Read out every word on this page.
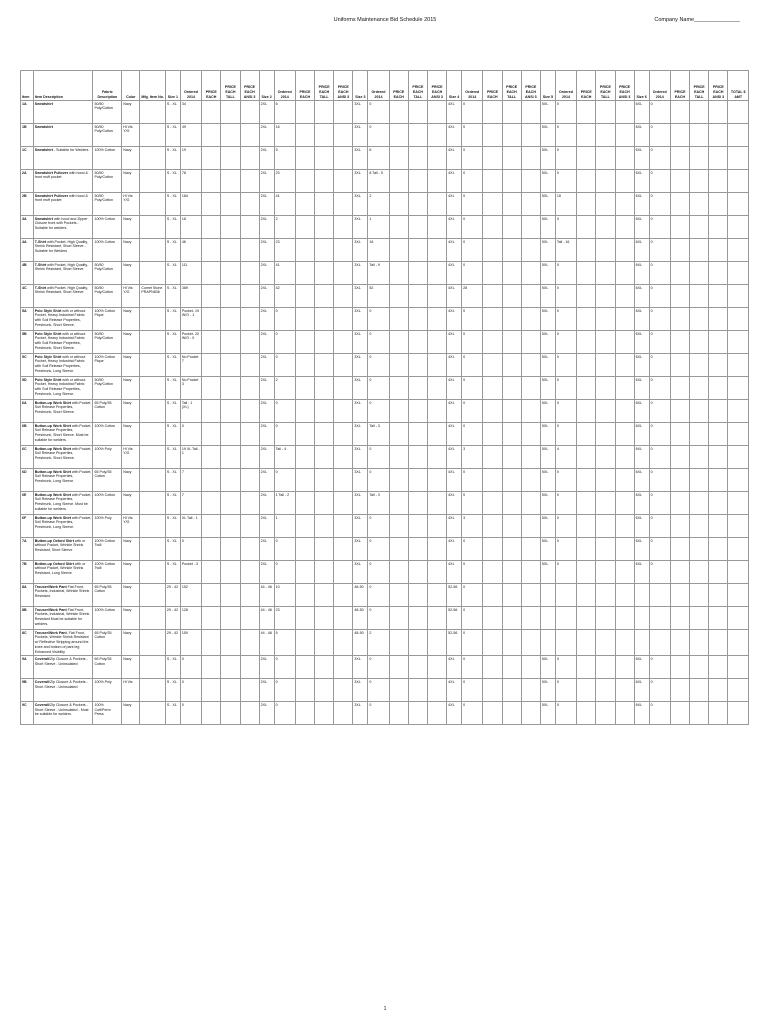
Uniforms Maintenance Bid Schedule 2015	Company Name_______________
Item	Item Description	Fabric Description	Color	Mfg. Item No.	Size 1	Ordered 2014	PRICE EACH	PRICE EACH TALL	PRICE EACH ANSI 3	Size 2	Ordered 2014	PRICE EACH	PRICE EACH TALL	PRICE EACH ANSI 3	Size 3	Ordered 2014	PRICE EACH	PRICE EACH TALL	PRICE EACH ANSI 3	Size 4	Ordered 2014	PRICE EACH	PRICE EACH TALL	PRICE EACH ANSI 3	Size 5	Ordered 2014	PRICE EACH	PRICE EACH TALL	PRICE EACH ANSI 3	Size 6	Ordered 2014	PRICE EACH	PRICE EACH TALL	PRICE EACH ANSI 3	TOTAL $ AMT
1A	Sweatshirt	50/50 Poly/Cotton	Navy		S - XL	34				2XL	6				3XL	0				4XL	0				5XL	0				6XL	0				
1B	Sweatshirt	50/50 Poly/Cotton	Hi Vis Y/G		S - XL	49				2XL	16				3XL	0				4XL	0				5XL	0				6XL	0				
1C	Sweatshirt - Suitable for Welders	100% Cotton	Navy		S - XL	19				2XL	5				3XL	6				4XL	0				5XL	0				6XL	0				
2A	Sweatshirt Pullover with hood & front muff pocket	50/50 Poly/Cotton	Navy		S - XL	78				2XL	23				3XL	8 Tall - 5				4XL	0				5XL	0				6XL	0				
2B	Sweatshirt Pullover with hood & front muff pocket	50/50 Poly/Cotton	Hi Vis Y/G		S - XL	184				2XL	41				3XL	2				4XL	0				5XL	18				6XL	0				
3A	Sweatshirt with hood and Zipper Closure front with Pockets - Suitable for welders.	100% Cotton	Navy		S - XL	18				2XL	2				3XL	1				4XL	0				5XL	0				6XL	0				
4A	T-Shirt with Pocket, High Quality, Shrink Resistant, Short Sleeve - Suitable for Welders	100% Cotton	Navy		S - XL	46				2XL	23				3XL	16				4XL	0				5XL	Tall - 16				6XL	0				
4B	T-Shirt with Pocket, High Quality, Shrink Resistant, Short Sleeve	50/50 Poly/Cotton	Navy		S - XL	111				2XL	41				3XL	Tall - 9				4XL	0				5XL	0				6XL	0				
4C	T-Shirt with Pocket, High Quality, Shrink Resistant, Short Sleeve	50/50 Poly/Cotton	Hi Vis Y/G	Comet Stone PRAPN836	S - XL	389				2XL	42				3XL	52				4XL	28				5XL	0				6XL	0				
5A	Polo Style Shirt with or without Pocket, Heavy Industrial Fabric with Soil Release Properties, Preshrunk, Short Sleeve.	100% Cotton Pique	Navy		S - XL	Pocket- 19 W/O - 1				2XL	0				3XL	0				4XL	0				5XL	0				6XL	0				
5B	Polo Style Shirt with or without Pocket, Heavy Industrial Fabric with Soil Release Properties, Preshrunk, Short Sleeve.	50/50 Poly/Cotton	Navy		S - XL	Pocket- 20 W/O - 0				2XL	0				3XL	0				4XL	0				5XL	0				6XL	0				
5C	Polo Style Shirt with or without Pocket, Heavy Industrial Fabric with Soil Release Properties, Preshrunk, Long Sleeve.	100% Cotton Pique	Navy		S - XL	No Pocket 7				2XL	0				3XL	0				4XL	0				5XL	0				6XL	0				
5D	Polo Style Shirt with or without Pocket, Heavy Industrial Fabric with Soil Release Properties, Preshrunk, Long Sleeve.	50/50 Poly/Cotton	Navy		S - XL	No Pocket 3				2XL	2				3XL	0				4XL	0				5XL	0				6XL	0				
6A	Button-up Work Shirt with Pocket, Soil Release Properties, Preshrunk, Short Sleeve.	65 Poly/35 Cotton	Navy		S - XL	Tall - 1 (XL)				2XL	0				3XL	0				4XL	0				5XL	0				6XL	0				
6B	Button-up Work Shirt with Pocket, Soil Release Properties, Preshrunk, Short Sleeve. Must be suitable for welders.	100% Cotton	Navy		S - XL	0				2XL	0				3XL	Tall - 3				4XL	0				5XL	0				6XL	0				
6C	Button-up Work Shirt with Pocket, Soil Release Properties, Preshrunk, Short Sleeve.	100% Poly	Hi Vis Y/G		S - XL	19 XL Tall - 1				2XL	Tall - 4				3XL	0				4XL	3				5XL	4				6XL	0				
6D	Button-up Work Shirt with Pocket, Soil Release Properties, Preshrunk, Long Sleeve.	65 Poly/35 Cotton	Navy		S - XL	7				2XL	0				3XL	0				4XL	0				5XL	0				6XL	0				
6E	Button-up Work Shirt with Pocket, Soil Release Properties, Preshrunk, Long Sleeve. Must be suitable for welders.	100% Cotton	Navy		S - XL	7				2XL	1 Tall - 2				3XL	Tall - 3				4XL	0				5XL	0				6XL	0				
6F	Button-up Work Shirt with Pocket, Soil Release Properties, Preshrunk, Long Sleeve.	100% Poly	Hi Vis Y/G		S - XL	XL Tall - 1				2XL	1				3XL	0				4XL	3				5XL	0				6XL	0				
7A	Button-up Oxford Shirt with or without Pocket, Wrinkle Shrink Resistant, Short Sleeve	100% Cotton Twill	Navy		S - XL	0				2XL	0				3XL	0				4XL	0				5XL	0				6XL	0				
7B	Button-up Oxford Shirt with or without Pocket, Wrinkle Shrink Resistant, Long Sleeve	100% Cotton Twill	Navy		S - XL	Pocket - 3				2XL	0				3XL	0				4XL	0				5XL	0				6XL	0				
8A	Trouser/Work Pant Flat Front, Pockets, Industrial, Wrinkle Shrink Resistant.	65 Poly/35 Cotton	Navy		29 - 42	152				44 - 46	10				48-50	0				52-56	0														
8B	Trouser/Work Pant Flat Front, Pockets, Industrial, Wrinkle Shrink Resistant Must be suitable for welders.	100% Cotton	Navy		29 - 42	128				44 - 46	23				48-50	0				52-56	0														
8C	Trouser/Work Pant, Flat Front, Pockets, Wrinkle Shrink Resistant w/ Reflective Stripping around the knee and bottom of pant leg Enhanced Visibility	65 Poly/35 Cotton	Navy		29 - 42	150				44 - 46	5				48-50	2				52-56	0														
9A	Coverall/Zip Closure & Pockets - Short Sleeve - Uninsulated	65 Poly/35 Cotton	Navy		S - XL	0				2XL	0				3XL	0				4XL	0				5XL	0				6XL	0				
9B	Coverall/Zip Closure & Pockets - Short Sleeve - Uninsulated	100% Poly	Hi Vis		S - XL	0				2XL	0				3XL	0				4XL	0				5XL	0				6XL	0				
9C	Coverall/Zip Closure & Pockets - Short Sleeve - Uninsulated - Must be suitable for welders.	100% Cott/Perm Press	Navy		S - XL	0				2XL	0				3XL	0				4XL	0				5XL	0				6XL	0				
1
